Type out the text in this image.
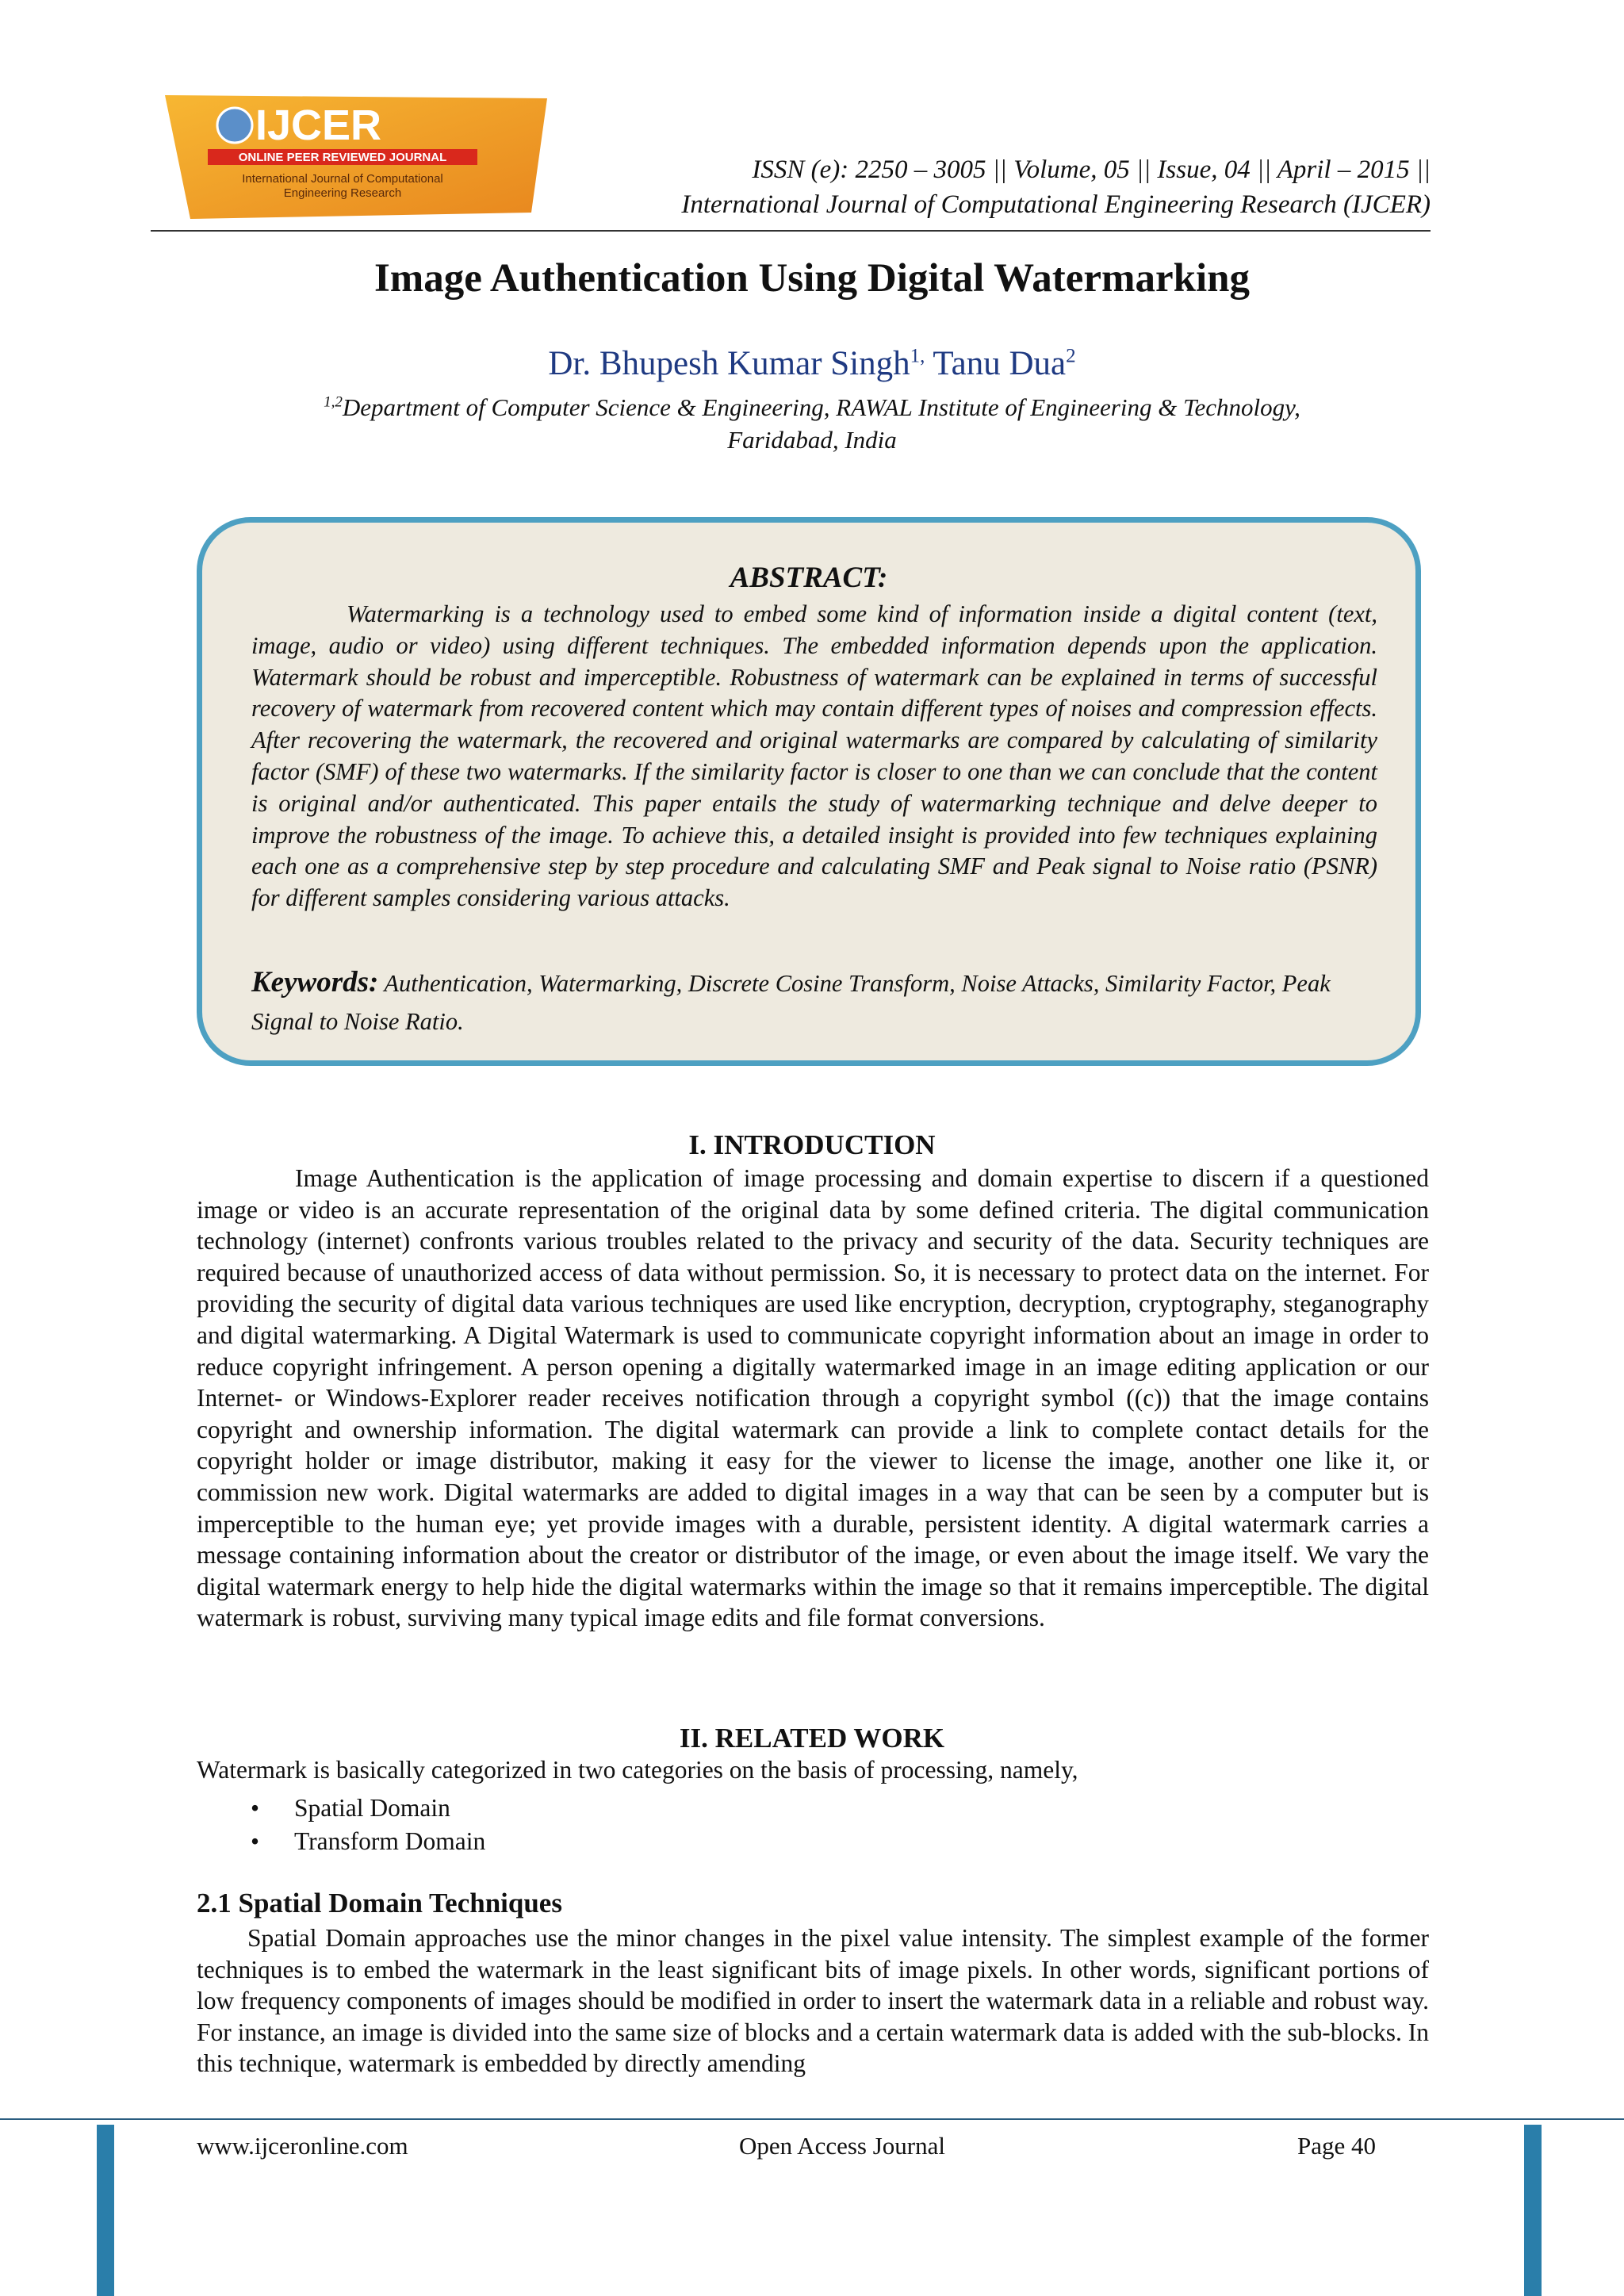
IJCER
ONLINE PEER REVIEWED JOURNAL
International Journal of Computational
Engineering Research
ISSN (e): 2250 – 3005 || Volume, 05 || Issue, 04 || April – 2015 ||
International Journal of Computational Engineering Research (IJCER)
Image Authentication Using Digital Watermarking
Dr. Bhupesh Kumar Singh$^{1,}$ Tanu Dua$^2$
$^{1,2}$Department of Computer Science & Engineering, RAWAL Institute of Engineering & Technology,
Faridabad, India
ABSTRACT:

Watermarking is a technology used to embed some kind of information inside a digital content (text, image, audio or video) using different techniques. The embedded information depends upon the application. Watermark should be robust and imperceptible. Robustness of watermark can be explained in terms of successful recovery of watermark from recovered content which may contain different types of noises and compression effects. After recovering the watermark, the recovered and original watermarks are compared by calculating of similarity factor (SMF) of these two watermarks. If the similarity factor is closer to one than we can conclude that the content is original and/or authenticated. This paper entails the study of watermarking technique and delve deeper to improve the robustness of the image. To achieve this, a detailed insight is provided into few techniques explaining each one as a comprehensive step by step procedure and calculating SMF and Peak signal to Noise ratio (PSNR) for different samples considering various attacks.

Keywords: Authentication, Watermarking, Discrete Cosine Transform, Noise Attacks, Similarity Factor, Peak Signal to Noise Ratio.

I. INTRODUCTION

Image Authentication is the application of image processing and domain expertise to discern if a questioned image or video is an accurate representation of the original data by some defined criteria. The digital communication technology (internet) confronts various troubles related to the privacy and security of the data. Security techniques are required because of unauthorized access of data without permission. So, it is necessary to protect data on the internet. For providing the security of digital data various techniques are used like encryption, decryption, cryptography, steganography and digital watermarking. A Digital Watermark is used to communicate copyright information about an image in order to reduce copyright infringement. A person opening a digitally watermarked image in an image editing application or our Internet- or Windows-Explorer reader receives notification through a copyright symbol ((c)) that the image contains copyright and ownership information. The digital watermark can provide a link to complete contact details for the copyright holder or image distributor, making it easy for the viewer to license the image, another one like it, or commission new work. Digital watermarks are added to digital images in a way that can be seen by a computer but is imperceptible to the human eye; yet provide images with a durable, persistent identity. A digital watermark carries a message containing information about the creator or distributor of the image, or even about the image itself. We vary the digital watermark energy to help hide the digital watermarks within the image so that it remains imperceptible. The digital watermark is robust, surviving many typical image edits and file format conversions.

II. RELATED WORK

Watermark is basically categorized in two categories on the basis of processing, namely,

• Spatial Domain
• Transform Domain
2.1 Spatial Domain Techniques

Spatial Domain approaches use the minor changes in the pixel value intensity. The simplest example of the former techniques is to embed the watermark in the least significant bits of image pixels. In other words, significant portions of low frequency components of images should be modified in order to insert the watermark data in a reliable and robust way. For instance, an image is divided into the same size of blocks and a certain watermark data is added with the sub-blocks. In this technique, watermark is embedded by directly amending

www.ijceronline.com	Open Access Journal	Page 40
